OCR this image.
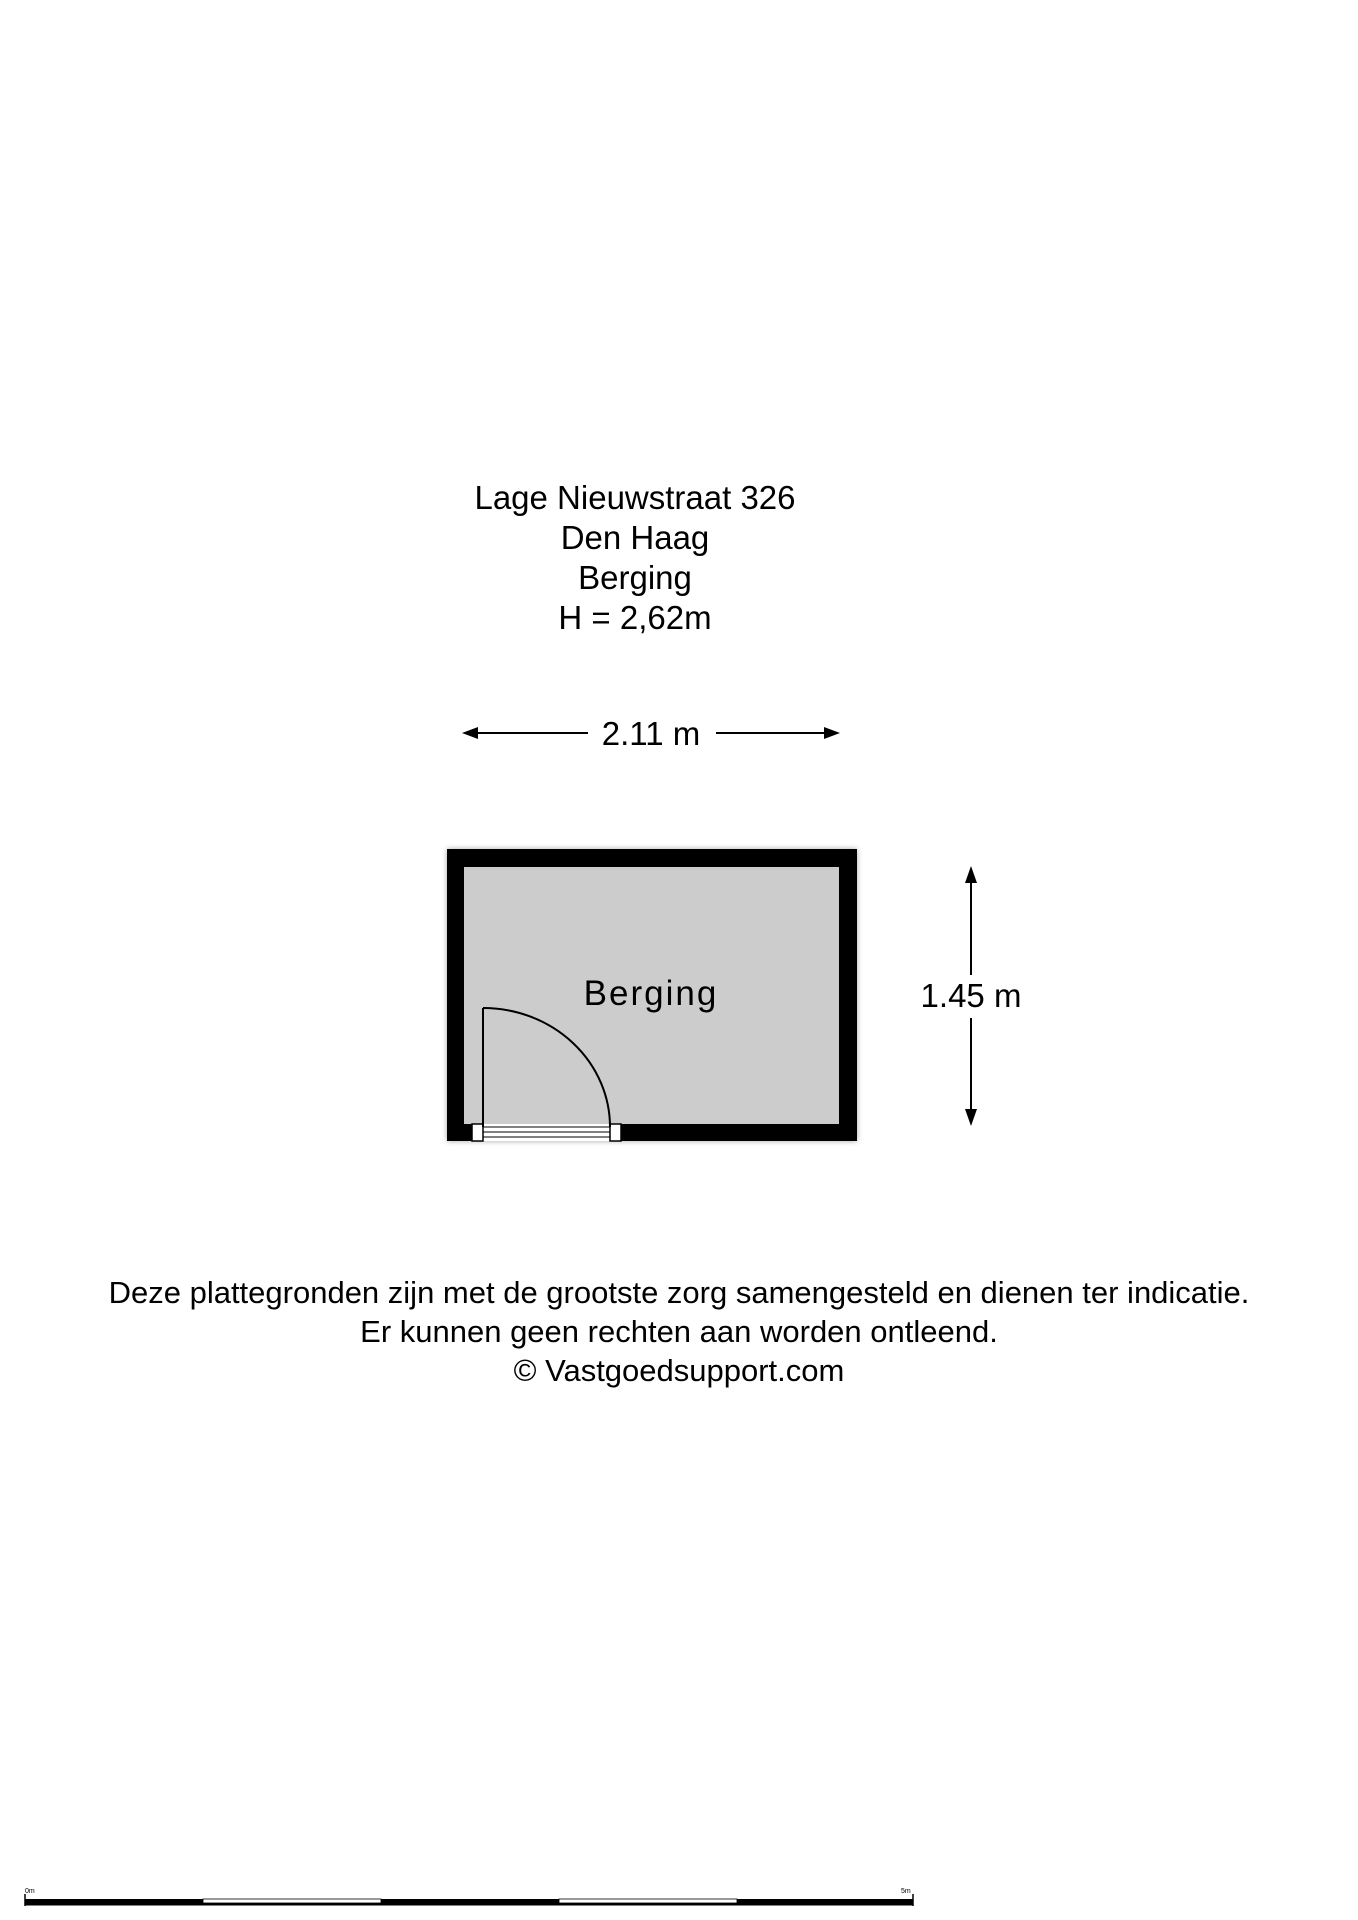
Lage Nieuwstraat 326
Den Haag
Berging
H = 2,62m
2.11 m
Berging	1.45 m
0m	5m
Deze plattegronden zijn met de grootste zorg samengesteld en dienen ter indicatie.
Er kunnen geen rechten aan worden ontleend.
© Vastgoedsupport.com
